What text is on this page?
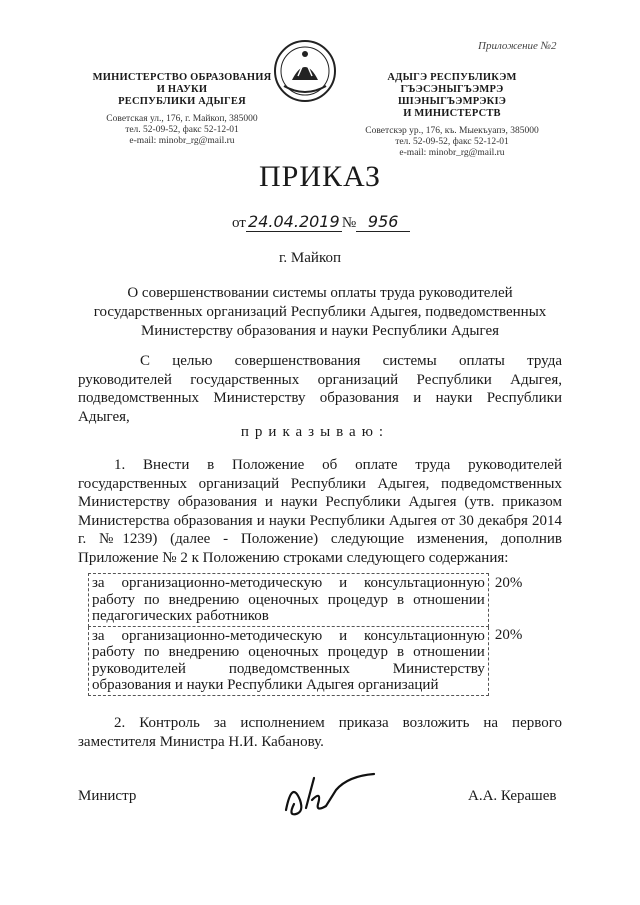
Приложение №2
МИНИСТЕРСТВО ОБРАЗОВАНИЯ
И НАУКИ
РЕСПУБЛИКИ АДЫГЕЯ
Советская ул., 176, г. Майкоп, 385000
тел. 52-09-52, факс 52-12-01
e-mail: minobr_rg@mail.ru
АДЫГЭ РЕСПУБЛИКЭМ
ГЪЭСЭНЫГЪЭМРЭ ШІЭНЫГЪЭМРЭКІЭ
И МИНИСТЕРСТВ
Советскэр ур., 176, къ. Мыекъуапэ, 385000
тел. 52-09-52, факс 52-12-01
e-mail: minobr_rg@mail.ru
ПРИКАЗ
от 24.04.2019 № 956
г. Майкоп
О совершенствовании системы оплаты труда руководителей государственных организаций Республики Адыгея, подведомственных Министерству образования и науки Республики Адыгея
С целью совершенствования системы оплаты труда руководителей государственных организаций Республики Адыгея, подведомственных Министерству образования и науки Республики Адыгея,
приказываю:
1. Внести в Положение об оплате труда руководителей государственных организаций Республики Адыгея, подведомственных Министерству образования и науки Республики Адыгея (утв. приказом Министерства образования и науки Республики Адыгея от 30 декабря 2014 г. №1239) (далее - Положение) следующие изменения, дополнив Приложение № 2 к Положению строками следующего содержания:
за организационно-методическую и консультационную работу по внедрению оценочных процедур в отношении педагогических работников	20%
за организационно-методическую и консультационную работу по внедрению оценочных процедур в отношении руководителей подведомственных Министерству образования и науки Республики Адыгея организаций	20%
2. Контроль за исполнением приказа возложить на первого заместителя Министра Н.И. Кабанову.
Министр	А.А. Керашев
